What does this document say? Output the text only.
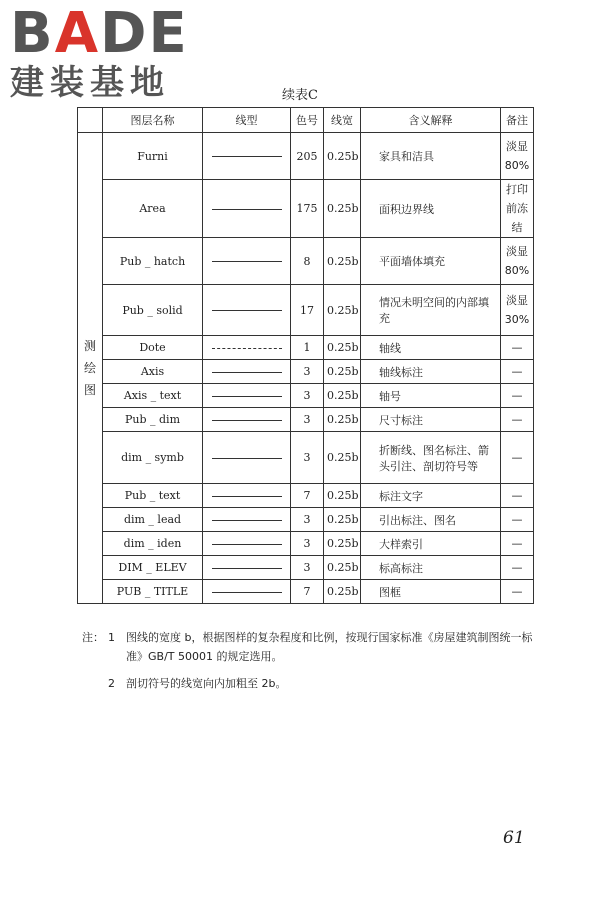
BADE
建装基地	续表C
	图层名称	线型	色号	线宽	含义解释	备注

测
绘
图	Furni		205	0.25b	家具和洁具	淡显80%
	Area		175	0.25b	面积边界线	打印前冻结
	Pub _ hatch		8	0.25b	平面墙体填充	淡显80%
	Pub _ solid		17	0.25b	情况未明空间的内部填充	淡显30%
	Dote		1	0.25b	轴线	—
	Axis		3	0.25b	轴线标注	—
	Axis _ text		3	0.25b	轴号	—
	Pub _ dim		3	0.25b	尺寸标注	—
	dim _ symb		3	0.25b	折断线、图名标注、箭头引注、剖切符号等	—
	Pub _ text		7	0.25b	标注文字	—
	dim _ lead		3	0.25b	引出标注、图名	—
	dim _ iden		3	0.25b	大样索引	—
	DIM _ ELEV		3	0.25b	标高标注	—
	PUB _ TITLE		7	0.25b	图框	—
注： 1 图线的宽度 b，根据图样的复杂程度和比例，按现行国家标准《房屋建筑制图统一标准》GB/T 50001 的规定选用。
2 剖切符号的线宽向内加粗至 2b。
61
